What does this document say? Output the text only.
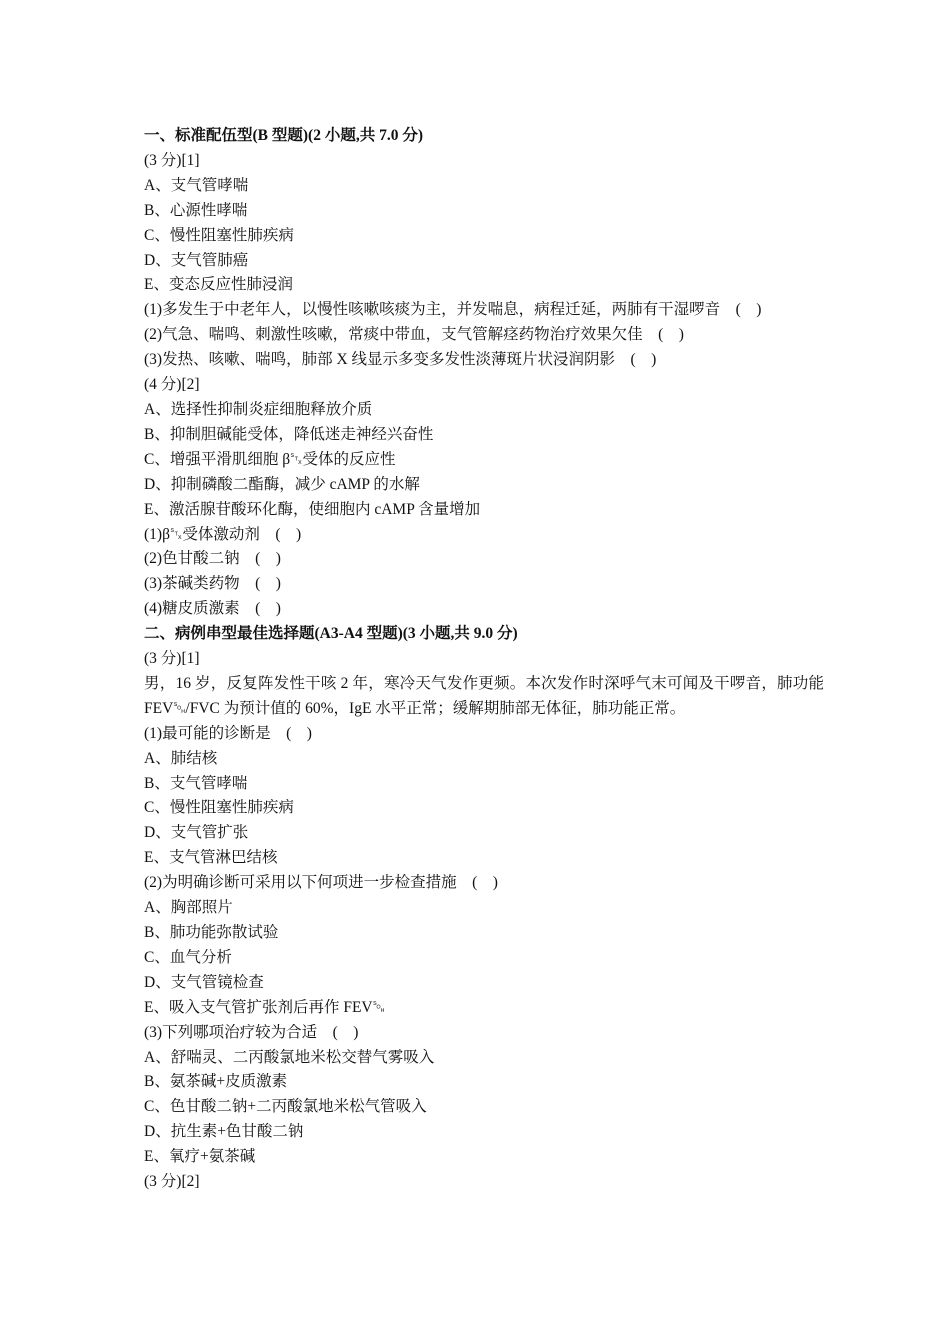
一、标准配伍型(B 型题)(2 小题,共 7.0 分)
(3 分)[1]
A、支气管哮喘
B、心源性哮喘
C、慢性阻塞性肺疾病
D、支气管肺癌
E、变态反应性肺浸润
(1)多发生于中老年人，以慢性咳嗽咳痰为主，并发喘息，病程迁延，两肺有干湿啰音    (    )
(2)气急、喘鸣、刺激性咳嗽，常痰中带血，支气管解痉药物治疗效果欠佳    (    )
(3)发热、咳嗽、喘鸣，肺部 X 线显示多变多发性淡薄斑片状浸润阴影    (    )
(4 分)[2]
A、选择性抑制炎症细胞释放介质
B、抑制胆碱能受体，降低迷走神经兴奋性
C、增强平滑肌细胞 β␂受体的反应性
D、抑制磷酸二酯酶，减少 cAMP 的水解
E、激活腺苷酸环化酶，使细胞内 cAMP 含量增加
(1)β␂受体激动剂    (    )
(2)色甘酸二钠    (    )
(3)茶碱类药物    (    )
(4)糖皮质激素    (    )
二、病例串型最佳选择题(A3-A4 型题)(3 小题,共 9.0 分)
(3 分)[1]
男，16 岁，反复阵发性干咳 2 年，寒冷天气发作更频。本次发作时深呼气末可闻及干啰音，肺功能 FEV␁/FVC 为预计值的 60%，IgE 水平正常；缓解期肺部无体征，肺功能正常。
(1)最可能的诊断是    (    )
A、肺结核
B、支气管哮喘
C、慢性阻塞性肺疾病
D、支气管扩张
E、支气管淋巴结核
(2)为明确诊断可采用以下何项进一步检查措施    (    )
A、胸部照片
B、肺功能弥散试验
C、血气分析
D、支气管镜检查
E、吸入支气管扩张剂后再作 FEV␁
(3)下列哪项治疗较为合适    (    )
A、舒喘灵、二丙酸氯地米松交替气雾吸入
B、氨茶碱+皮质激素
C、色甘酸二钠+二丙酸氯地米松气管吸入
D、抗生素+色甘酸二钠
E、氧疗+氨茶碱
(3 分)[2]
